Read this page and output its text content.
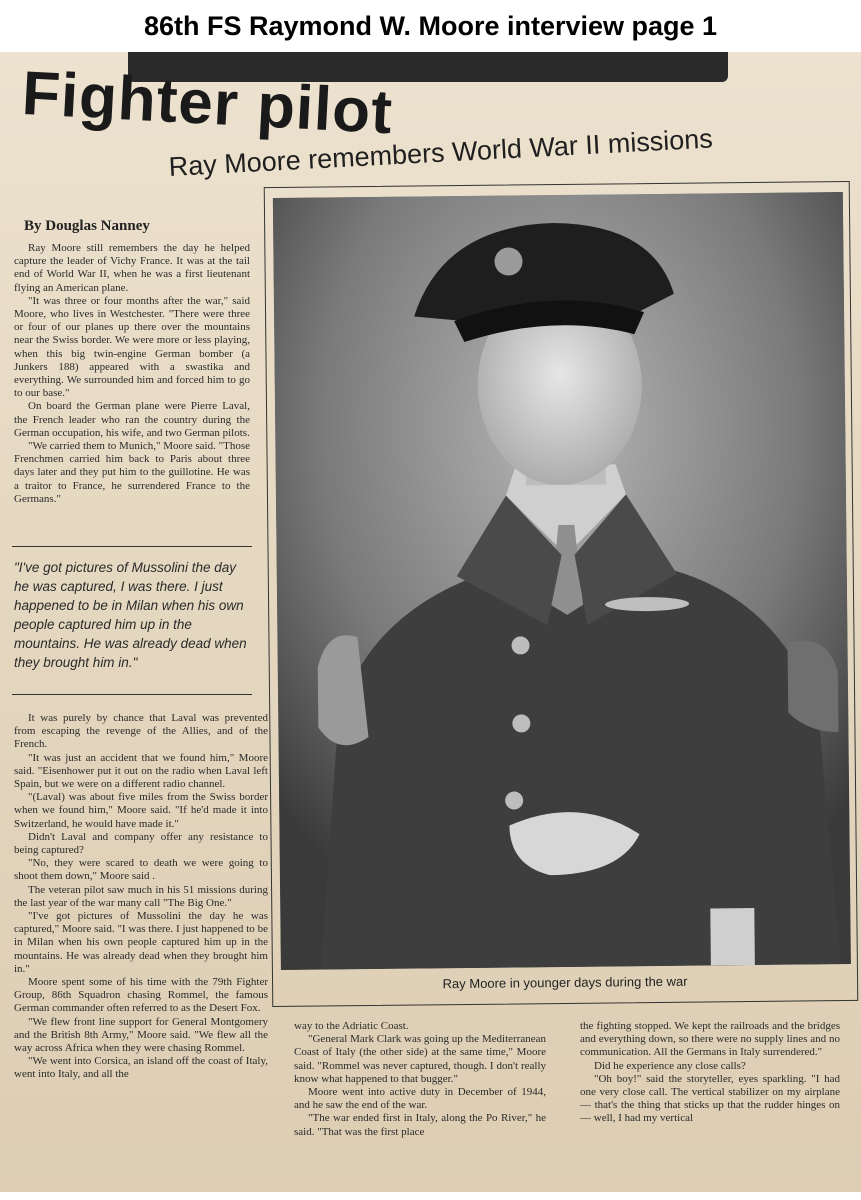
86th FS Raymond W. Moore interview page 1
Fighter pilot
Ray Moore remembers World War II missions
By Douglas Nanney

Ray Moore still remembers the day he helped capture the leader of Vichy France. It was at the tail end of World War II, when he was a first lieutenant flying an American plane.

"It was three or four months after the war," said Moore, who lives in Westchester. "There were three or four of our planes up there over the mountains near the Swiss border. We were more or less playing, when this big twin-engine German bomber (a Junkers 188) appeared with a swastika and everything. We surrounded him and forced him to go to our base."

On board the German plane were Pierre Laval, the French leader who ran the country during the German occupation, his wife, and two German pilots.

"We carried them to Munich," Moore said. "Those Frenchmen carried him back to Paris about three days later and they put him to the guillotine. He was a traitor to France, he surrendered France to the Germans."

"I've got pictures of Mussolini the day he was captured, I was there. I just happened to be in Milan when his own people captured him up in the mountains. He was already dead when they brought him in."

It was purely by chance that Laval was prevented from escaping the revenge of the Allies, and of the French.

"It was just an accident that we found him," Moore said. "Eisenhower put it out on the radio when Laval left Spain, but we were on a different radio channel.

"(Laval) was about five miles from the Swiss border when we found him," Moore said. "If he'd made it into Switzerland, he would have made it."

Didn't Laval and company offer any resistance to being captured?

"No, they were scared to death we were going to shoot them down," Moore said .

The veteran pilot saw much in his 51 missions during the last year of the war many call "The Big One."

"I've got pictures of Mussolini the day he was captured," Moore said. "I was there. I just happened to be in Milan when his own people captured him up in the mountains. He was already dead when they brought him in."

Moore spent some of his time with the 79th Fighter Group, 86th Squadron chasing Rommel, the famous German commander often referred to as the Desert Fox.

"We flew front line support for General Montgomery and the British 8th Army," Moore said. "We flew all the way across Africa when they were chasing Rommel.

"We went into Corsica, an island off the coast of Italy, went into Italy, and all the

Ray Moore in younger days during the war

way to the Adriatic Coast.

"General Mark Clark was going up the Mediterranean Coast of Italy (the other side) at the same time," Moore said. "Rommel was never captured, though. I don't really know what happened to that bugger."

Moore went into active duty in December of 1944, and he saw the end of the war.

"The war ended first in Italy, along the Po River," he said. "That was the first place

the fighting stopped. We kept the railroads and the bridges and everything down, so there were no supply lines and no communication. All the Germans in Italy surrendered."

Did he experience any close calls?

"Oh boy!" said the storyteller, eyes sparkling. "I had one very close call. The vertical stabilizer on my airplane — that's the thing that sticks up that the rudder hinges on — well, I had my vertical
